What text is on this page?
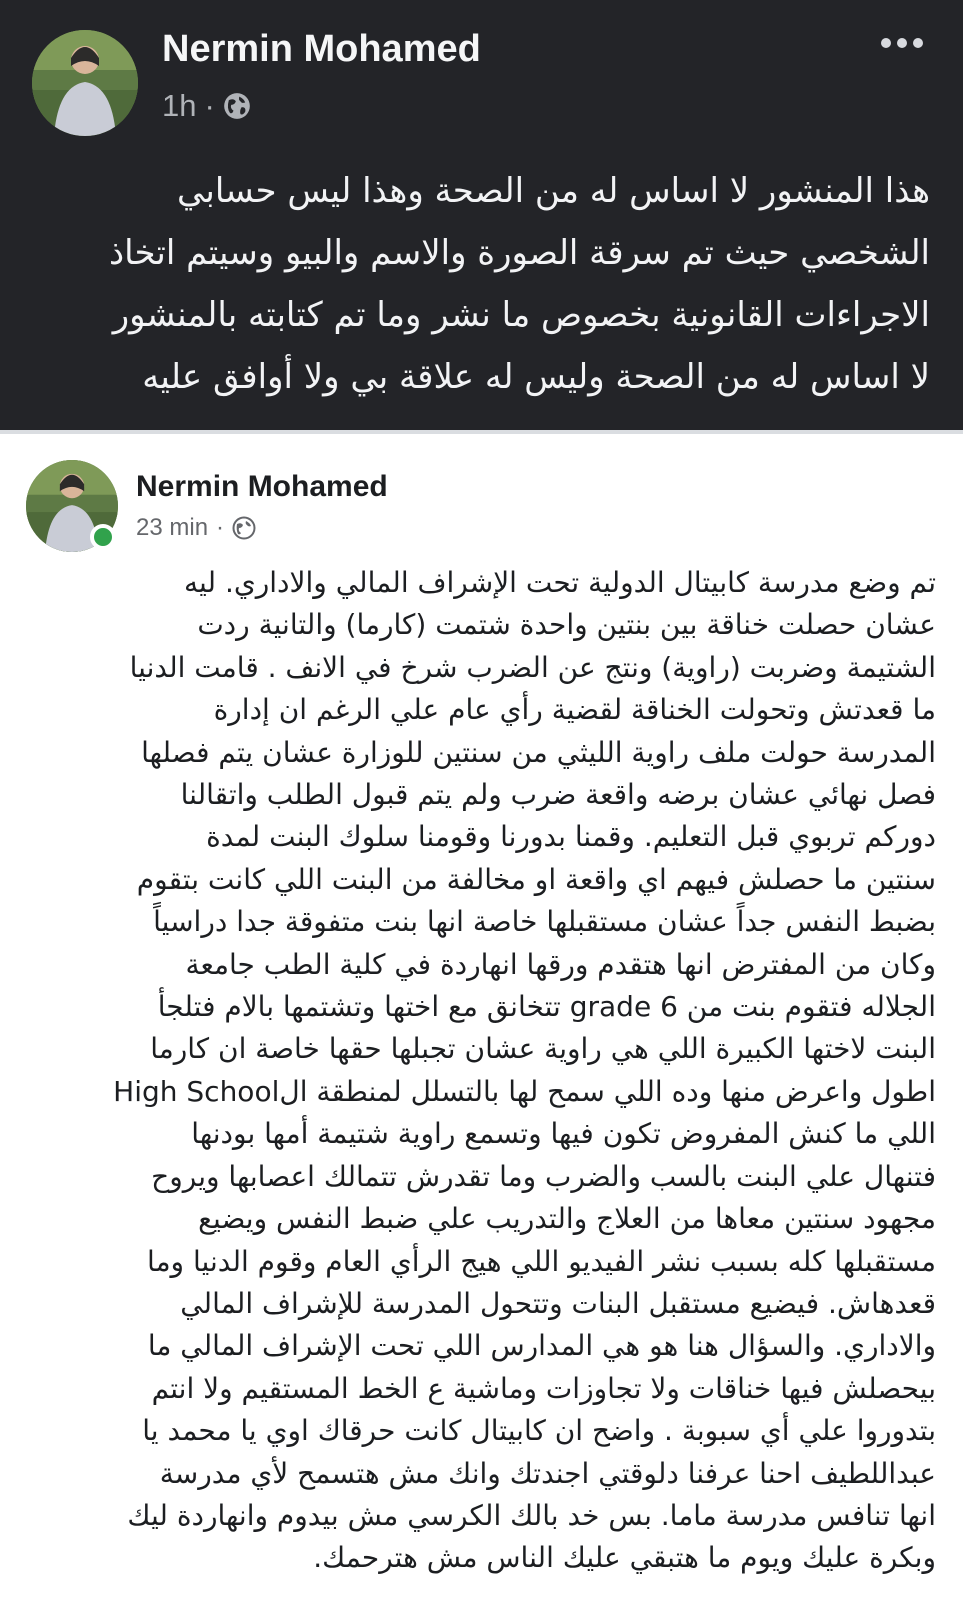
Nermin Mohamed
1h ·
هذا المنشور لا اساس له من الصحة وهذا ليس حسابي
الشخصي حيث تم سرقة الصورة والاسم والبيو وسيتم اتخاذ
الاجراءات القانونية بخصوص ما نشر وما تم كتابته بالمنشور
لا اساس له من الصحة وليس له علاقة بي ولا أوافق عليه
Nermin Mohamed
23 min ·
تم وضع مدرسة كابيتال الدولية تحت الإشراف المالي والاداري. ليه
عشان حصلت خناقة بين بنتين واحدة شتمت (كارما) والتانية ردت
الشتيمة وضربت (راوية) ونتج عن الضرب شرخ في الانف . قامت الدنيا
ما قعدتش وتحولت الخناقة لقضية رأي عام علي الرغم ان إدارة
المدرسة حولت ملف راوية الليثي من سنتين للوزارة عشان يتم فصلها
فصل نهائي عشان برضه واقعة ضرب ولم يتم قبول الطلب واتقالنا
دوركم تربوي قبل التعليم. وقمنا بدورنا وقومنا سلوك البنت لمدة
سنتين ما حصلش فيهم اي واقعة او مخالفة من البنت اللي كانت بتقوم
بضبط النفس جداً عشان مستقبلها خاصة انها بنت متفوقة جدا دراسياً
وكان من المفترض انها هتقدم ورقها انهاردة في كلية الطب جامعة
الجلاله فتقوم بنت من grade 6 تتخانق مع اختها وتشتمها بالام فتلجأ
البنت لاختها الكبيرة اللي هي راوية عشان تجبلها حقها خاصة ان كارما
اطول واعرض منها وده اللي سمح لها بالتسلل لمنطقة الHigh School
اللي ما كنش المفروض تكون فيها وتسمع راوية شتيمة أمها بودنها
فتنهال علي البنت بالسب والضرب وما تقدرش تتمالك اعصابها ويروح
مجهود سنتين معاها من العلاج والتدريب علي ضبط النفس ويضيع
مستقبلها كله بسبب نشر الفيديو اللي هيج الرأي العام وقوم الدنيا وما
قعدهاش. فيضيع مستقبل البنات وتتحول المدرسة للإشراف المالي
والاداري. والسؤال هنا هو هي المدارس اللي تحت الإشراف المالي ما
بيحصلش فيها خناقات ولا تجاوزات وماشية ع الخط المستقيم ولا انتم
بتدوروا علي أي سبوبة . واضح ان كابيتال كانت حرقاك اوي يا محمد يا
عبداللطيف احنا عرفنا دلوقتي اجندتك وانك مش هتسمح لأي مدرسة
انها تنافس مدرسة ماما. بس خد بالك الكرسي مش بيدوم وانهاردة ليك
وبكرة عليك ويوم ما هتبقي عليك الناس مش هترحمك.
